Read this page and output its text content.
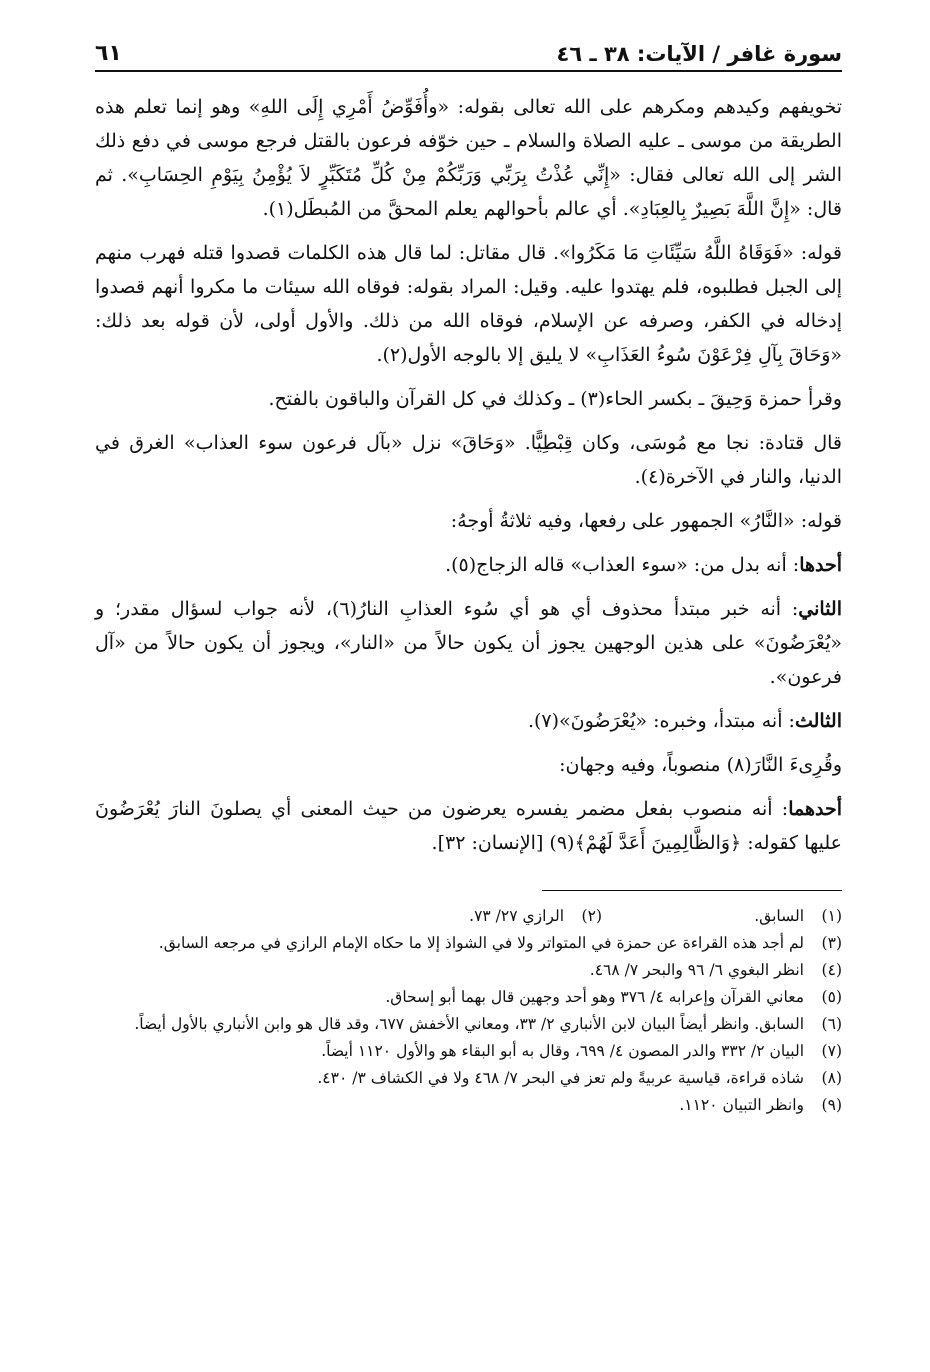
سورة غافر / الآيات: ٣٨ ـ ٤٦
٦١

تخويفهم وكيدهم ومكرهم على الله تعالى بقوله: «وأُفَوِّضُ أَمْرِي إِلَى اللهِ» وهو إنما تعلم هذه الطريقة من موسى ـ عليه الصلاة والسلام ـ حين خوّفه فرعون بالقتل فرجع موسى في دفع ذلك الشر إلى الله تعالى فقال: «إِنِّي عُذْتُ بِرَبِّي وَرَبِّكُمْ مِنْ كُلِّ مُتَكَبِّرٍ لاَ يُؤْمِنُ بِيَوْمِ الحِسَابِ». ثم قال: «إِنَّ اللَّهَ بَصِيرٌ بِالعِبَادِ». أي عالم بأحوالهم يعلم المحقَّ من المُبطَل(١).

قوله: «فَوَقَاهُ اللَّهُ سَيِّئَاتِ مَا مَكَرُوا». قال مقاتل: لما قال هذه الكلمات قصدوا قتله فهرب منهم إلى الجبل فطلبوه، فلم يهتدوا عليه. وقيل: المراد بقوله: فوقاه الله سيئات ما مكروا أنهم قصدوا إدخاله في الكفر، وصرفه عن الإسلام، فوقاه الله من ذلك. والأول أولى، لأن قوله بعد ذلك: «وَحَاقَ بِآلِ فِرْعَوْنَ سُوءُ العَذَابِ» لا يليق إلا بالوجه الأول(٢).

وقرأ حمزة وَحِيقَ ـ بكسر الحاء(٣) ـ وكذلك في كل القرآن والباقون بالفتح.

قال قتادة: نجا مع مُوسَى، وكان قِبْطِيًّا. «وَحَاقَ» نزل «بآل فرعون سوء العذاب» الغرق في الدنيا، والنار في الآخرة(٤).

قوله: «النَّارُ» الجمهور على رفعها، وفيه ثلاثةُ أوجهُ:

أحدها: أنه بدل من: «سوء العذاب» قاله الزجاج(٥).

الثاني: أنه خبر مبتدأ محذوف أي هو أي سُوء العذابِ النارُ(٦)، لأنه جواب لسؤال مقدر؛ و «يُعْرَضُونَ» على هذين الوجهين يجوز أن يكون حالاً من «النار»، ويجوز أن يكون حالاً من «آل فرعون».

الثالث: أنه مبتدأ، وخبره: «يُعْرَضُونَ»(٧).

وقُرِىءَ النَّارَ(٨) منصوباً، وفيه وجهان:

أحدهما: أنه منصوب بفعل مضمر يفسره يعرضون من حيث المعنى أي يصلونَ النارَ يُعْرَضُونَ عليها كقوله: ﴿وَالظَّالِمِينَ أَعَدَّ لَهُمْ﴾(٩) [الإنسان: ٣٢].

(١)
السابق.
(٢)
الرازي ٢٧/ ٧٣.
(٣)
لم أجد هذه القراءة عن حمزة في المتواتر ولا في الشواذ إلا ما حكاه الإمام الرازي في مرجعه السابق.
(٤)
انظر البغوي ٦/ ٩٦ والبحر ٧/ ٤٦٨.
(٥)
معاني القرآن وإعرابه ٤/ ٣٧٦ وهو أحد وجهين قال بهما أبو إسحاق.
(٦)
السابق. وانظر أيضاً البيان لابن الأنباري ٢/ ٣٣، ومعاني الأخفش ٦٧٧، وقد قال هو وابن الأنباري بالأول أيضاً.
(٧)
البيان ٢/ ٣٣٢ والدر المصون ٤/ ٦٩٩، وقال به أبو البقاء هو والأول ١١٢٠ أيضاً.
(٨)
شاذه قراءة، قياسية عربيةً ولم تعز في البحر ٧/ ٤٦٨ ولا في الكشاف ٣/ ٤٣٠.
(٩)
وانظر التبيان ١١٢٠.
